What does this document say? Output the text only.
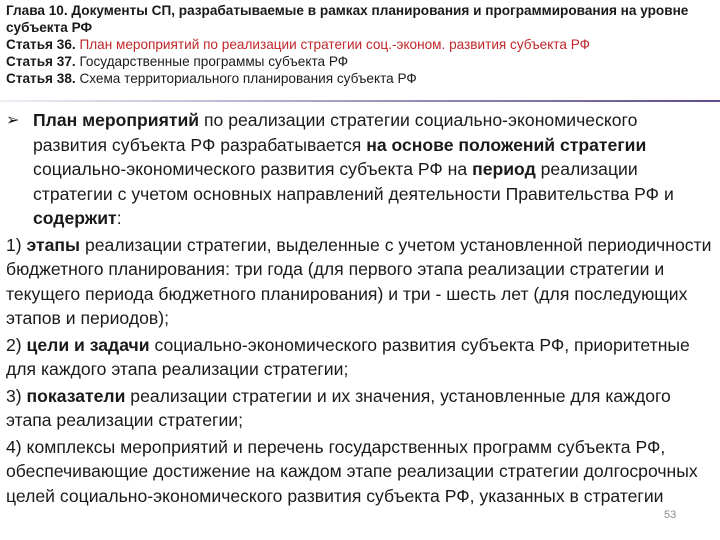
Глава 10. Документы СП, разрабатываемые в рамках планирования и программирования на уровне субъекта РФ
Статья 36. План мероприятий по реализации стратегии соц.-эконом. развития субъекта РФ
Статья 37. Государственные программы субъекта РФ
Статья 38. Схема территориального планирования субъекта РФ
➢ План мероприятий по реализации стратегии социально-экономического развития субъекта РФ разрабатывается на основе положений стратегии социально-экономического развития субъекта РФ на период реализации стратегии с учетом основных направлений деятельности Правительства РФ и содержит:
1) этапы реализации стратегии, выделенные с учетом установленной периодичности бюджетного планирования: три года (для первого этапа реализации стратегии и текущего периода бюджетного планирования) и три - шесть лет (для последующих этапов и периодов);
2) цели и задачи социально-экономического развития субъекта РФ, приоритетные для каждого этапа реализации стратегии;
3) показатели реализации стратегии и их значения, установленные для каждого этапа реализации стратегии;
4) комплексы мероприятий и перечень государственных программ субъекта РФ, обеспечивающие достижение на каждом этапе реализации стратегии долгосрочных целей социально-экономического развития субъекта РФ, указанных в стратегии
53
